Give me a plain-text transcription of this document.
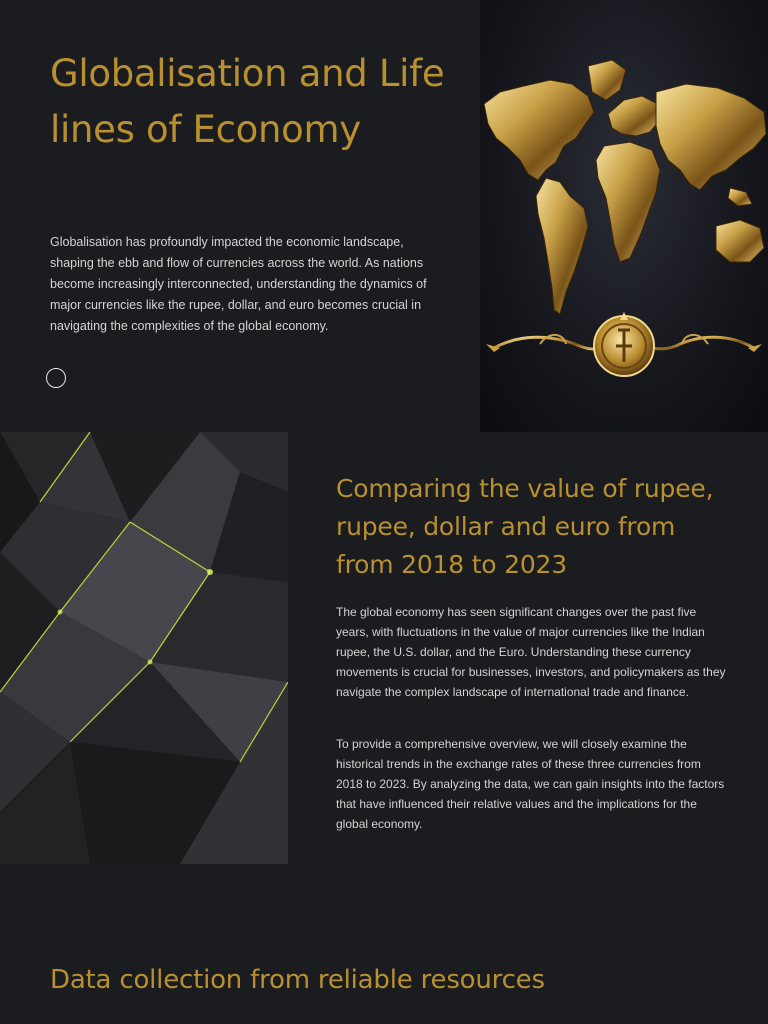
Globalisation and Life lines of Economy

Globalisation has profoundly impacted the economic landscape, shaping the ebb and flow of currencies across the world. As nations become increasingly interconnected, understanding the dynamics of major currencies like the rupee, dollar, and euro becomes crucial in navigating the complexities of the global economy.

Comparing the value of rupee, rupee, dollar and euro from from 2018 to 2023

The global economy has seen significant changes over the past five years, with fluctuations in the value of major currencies like the Indian rupee, the U.S. dollar, and the Euro. Understanding these currency movements is crucial for businesses, investors, and policymakers as they navigate the complex landscape of international trade and finance.

To provide a comprehensive overview, we will closely examine the historical trends in the exchange rates of these three currencies from 2018 to 2023. By analyzing the data, we can gain insights into the factors that have influenced their relative values and the implications for the global economy.

Data collection from reliable resources
